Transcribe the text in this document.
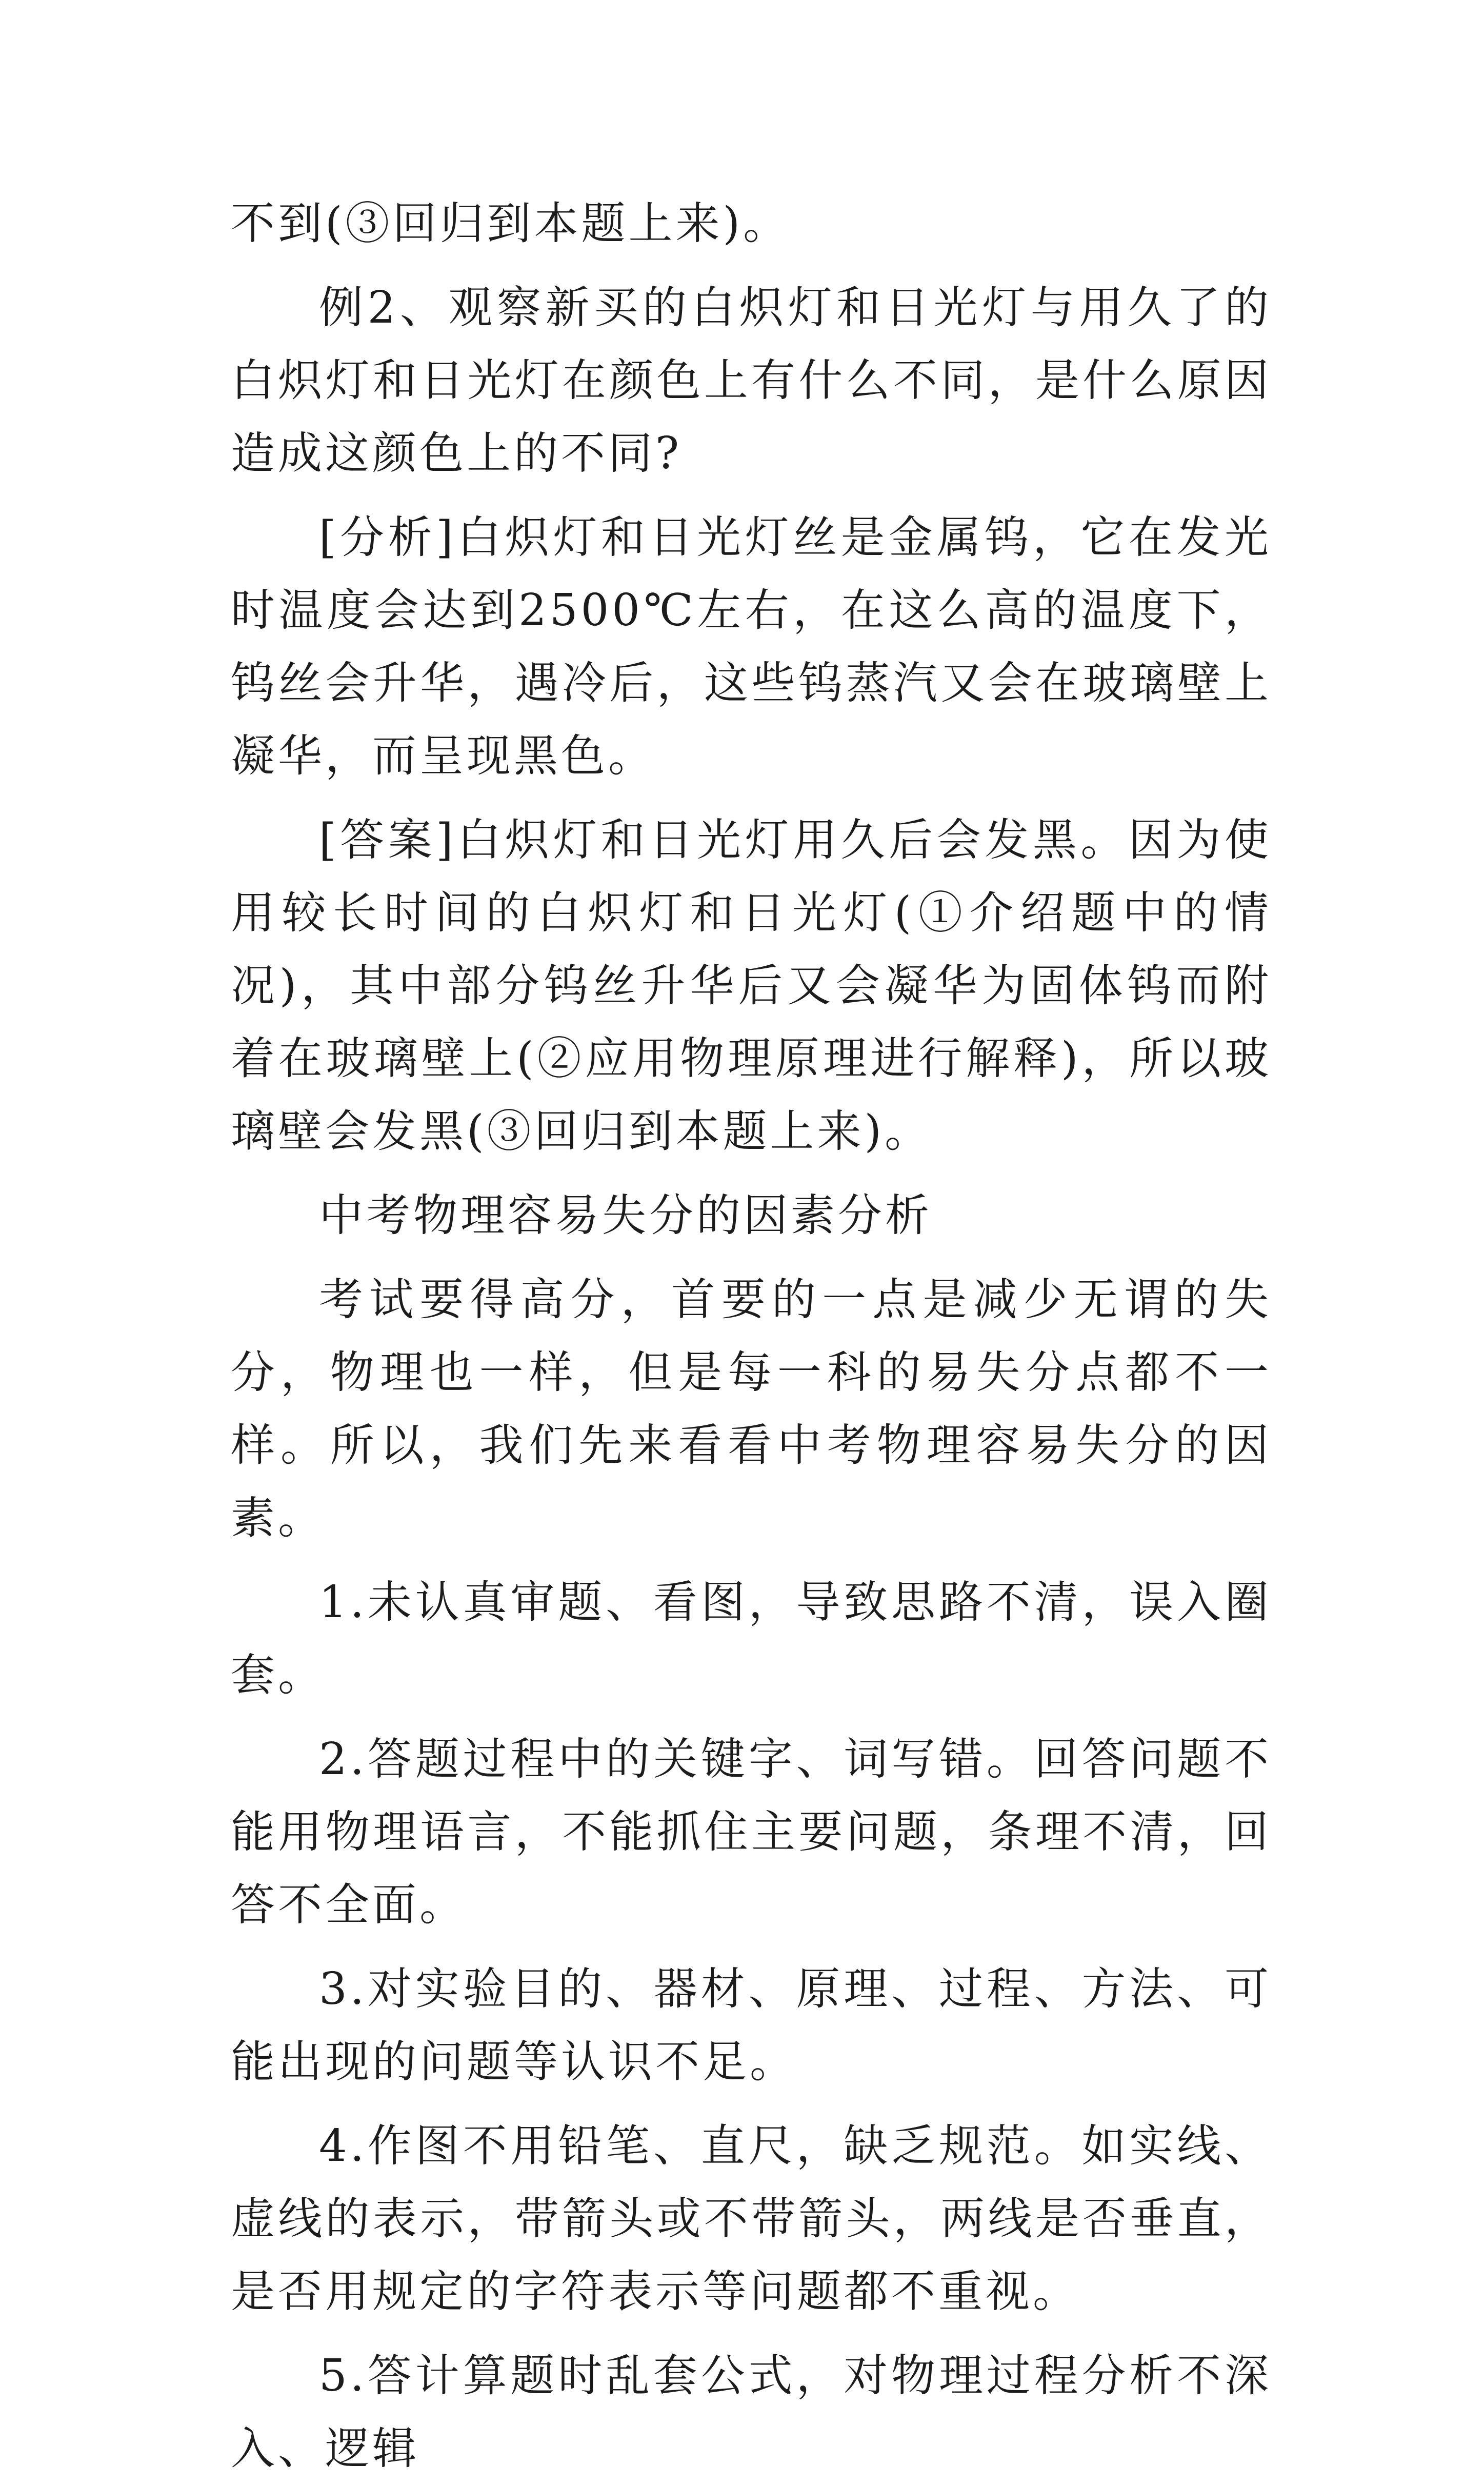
不到(③回归到本题上来)。

例2、观察新买的白炽灯和日光灯与用久了的白炽灯和日光灯在颜色上有什么不同，是什么原因造成这颜色上的不同?

[分析]白炽灯和日光灯丝是金属钨，它在发光时温度会达到2500℃左右，在这么高的温度下，钨丝会升华，遇冷后，这些钨蒸汽又会在玻璃壁上凝华，而呈现黑色。

[答案]白炽灯和日光灯用久后会发黑。因为使用较长时间的白炽灯和日光灯(①介绍题中的情况)，其中部分钨丝升华后又会凝华为固体钨而附着在玻璃壁上(②应用物理原理进行解释)，所以玻璃壁会发黑(③回归到本题上来)。

中考物理容易失分的因素分析

考试要得高分，首要的一点是减少无谓的失分，物理也一样，但是每一科的易失分点都不一样。所以，我们先来看看中考物理容易失分的因素。

1.未认真审题、看图，导致思路不清，误入圈套。

2.答题过程中的关键字、词写错。回答问题不能用物理语言，不能抓住主要问题，条理不清，回答不全面。

3.对实验目的、器材、原理、过程、方法、可能出现的问题等认识不足。

4.作图不用铅笔、直尺，缺乏规范。如实线、虚线的表示，带箭头或不带箭头，两线是否垂直，是否用规定的字符表示等问题都不重视。

5.答计算题时乱套公式，对物理过程分析不深入、逻辑
